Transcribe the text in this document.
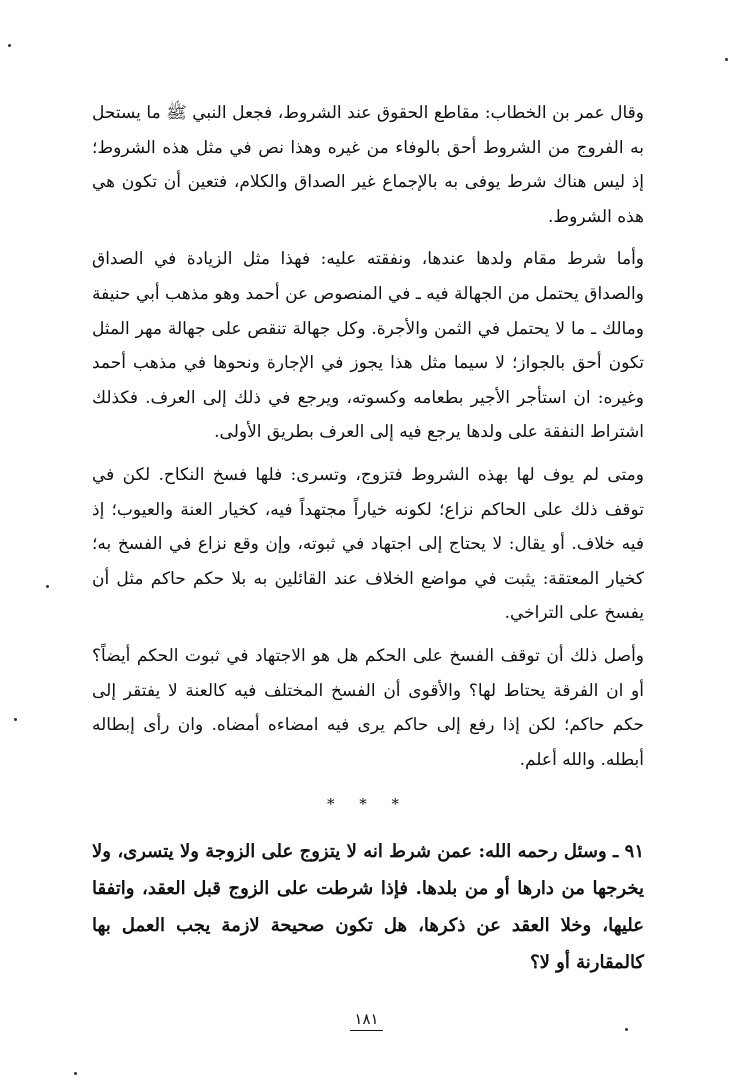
وقال عمر بن الخطاب: مقاطع الحقوق عند الشروط، فجعل النبي ﷺ ما يستحل به الفروج من الشروط أحق بالوفاء من غيره وهذا نص في مثل هذه الشروط؛ إذ ليس هناك شرط يوفى به بالإجماع غير الصداق والكلام، فتعين أن تكون هي هذه الشروط.

وأما شرط مقام ولدها عندها، ونفقته عليه: فهذا مثل الزيادة في الصداق والصداق يحتمل من الجهالة فيه ـ في المنصوص عن أحمد وهو مذهب أبي حنيفة ومالك ـ ما لا يحتمل في الثمن والأجرة. وكل جهالة تنقص على جهالة مهر المثل تكون أحق بالجواز؛ لا سيما مثل هذا يجوز في الإجارة ونحوها في مذهب أحمد وغيره: ان استأجر الأجير بطعامه وكسوته، ويرجع في ذلك إلى العرف. فكذلك اشتراط النفقة على ولدها يرجع فيه إلى العرف بطريق الأولى.

ومتى لم يوف لها بهذه الشروط فتزوج، وتسرى: فلها فسخ النكاح. لكن في توقف ذلك على الحاكم نزاع؛ لكونه خياراً مجتهداً فيه، كخيار العنة والعيوب؛ إذ فيه خلاف. أو يقال: لا يحتاج إلى اجتهاد في ثبوته، وإن وقع نزاع في الفسخ به؛ كخيار المعتقة: يثبت في مواضع الخلاف عند القائلين به بلا حكم حاكم مثل أن يفسخ على التراخي.

وأصل ذلك أن توقف الفسخ على الحكم هل هو الاجتهاد في ثبوت الحكم أيضاً؟ أو ان الفرقة يحتاط لها؟ والأقوى أن الفسخ المختلف فيه كالعنة لا يفتقر إلى حكم حاكم؛ لكن إذا رفع إلى حاكم يرى فيه امضاءه أمضاه. وان رأى إبطاله أبطله. والله أعلم.

* * *

٩١ ـ وسئل رحمه الله: عمن شرط انه لا يتزوج على الزوجة ولا يتسرى، ولا يخرجها من دارها أو من بلدها. فإذا شرطت على الزوج قبل العقد، واتفقا عليها، وخلا العقد عن ذكرها، هل تكون صحيحة لازمة يجب العمل بها كالمقارنة أو لا؟

١٨١
